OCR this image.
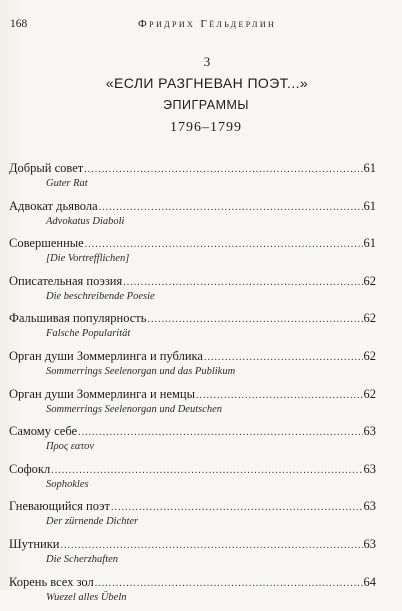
168	Фридрих Гёльдерлин
3
«ЕСЛИ РАЗГНЕВАН ПОЭТ...»
ЭПИГРАММЫ
1796–1799
Добрый совет .....	61
Guter Rat
Адвокат дьявола .....	61
Advokatus Diaboli
Совершенные .....	61
[Die Vortrefflichen]
Описательная поэзия .....	62
Die beschreibende Poesie
Фальшивая популярность .....	62
Falsche Popularität
Орган души Зоммерлинга и публика .....	62
Sommerrings Seelenorgan und das Publikum
Орган души Зоммерлинга и немцы .....	62
Sommerrings Seelenorgan und Deutschen
Самому себе .....	63
Προς εατον
Софокл .....	63
Sophokles
Гневающийся поэт .....	63
Der zürnende Dichter
Шутники .....	63
Die Scherzhaften
Корень всех зол .....	64
Wuezel alles Übeln
